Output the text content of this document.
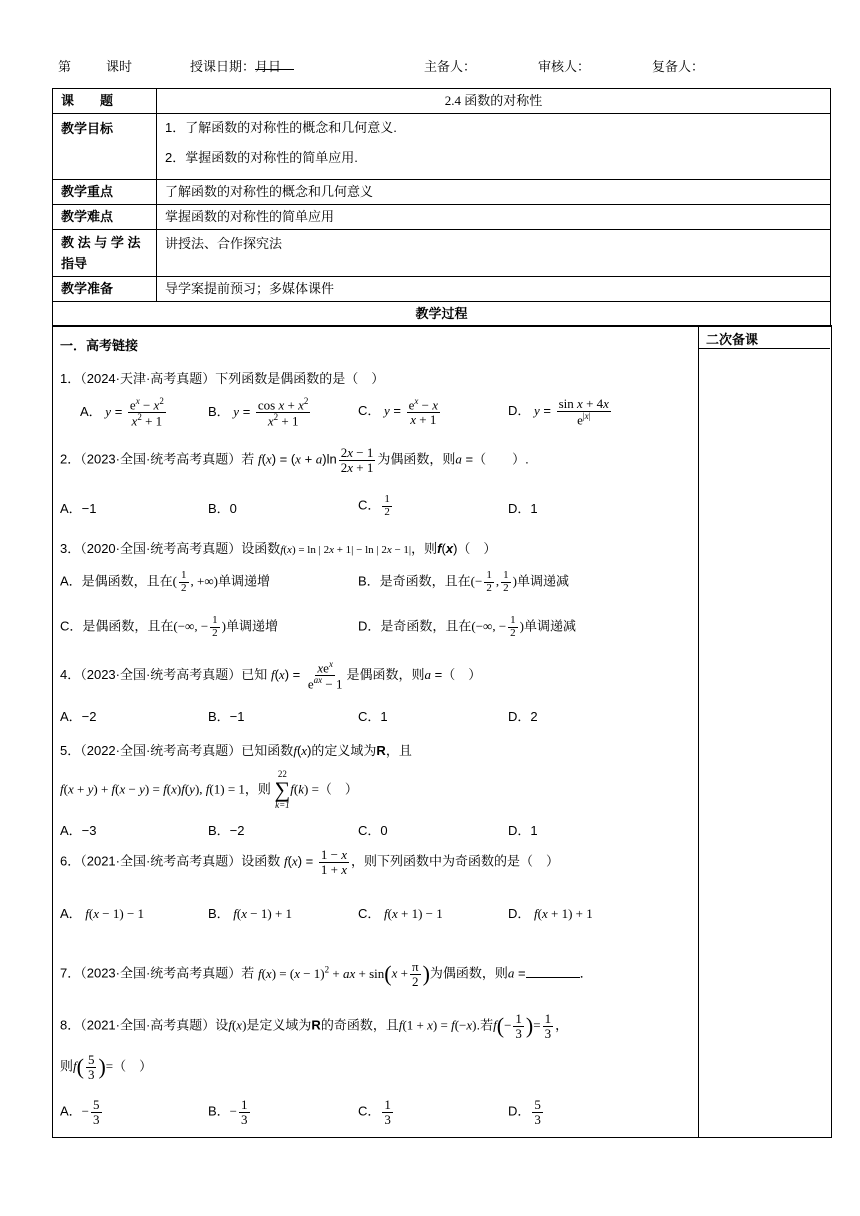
第	课时	授课日期：
月
日	主备人：	审核人：	复备人：
课　　题	2.4 函数的对称性
教学目标	1．了解函数的对称性的概念和几何意义.
2．掌握函数的对称性的简单应用.

教学重点	了解函数的对称性的概念和几何意义
教学难点	掌握函数的对称性的简单应用

教 法 与 学 法
指导	讲授法、合作探究法
教学准备	导学案提前预习；多媒体课件
教学过程	
二次备课
一．高考链接
1．（2024·天津·高考真题）下列函数是偶函数的是（　）
A． $y = \frac{e^x - x^2}{x^2 + 1}$	B． $y = \frac{\cos x + x^2}{x^2 + 1}$	C． $y = \frac{e^x - x}{x + 1}$	D． $y = \frac{\text{sin x + 4x}}{e^{|x|}}$
2．（2023·全国·统考高考真题）若 $f(x) = (x + a)\ln \frac{2x - 1}{2x + 1}$ 为偶函数，则a =（　　）.
A．−1	B．0	C． $\frac{1}{2}$	D．1
3．（2020·全国·统考高考真题）设函数f(x) = ln | 2x + 1| − ln | 2x − 1|，则f(x)（　）
A．是偶函数，且在( $\frac{1}{2}$ , +∞)单调递增	B．是奇函数，且在(− $\frac{1}{2}$ , $\frac{1}{2}$ )单调递减
C．是偶函数，且在(−∞, − $\frac{1}{2}$ )单调递增	D．是奇函数，且在(−∞, − $\frac{1}{2}$ )单调递减
4．（2023·全国·统考高考真题）已知 $f(x) = \frac{xe^x}{e^{ax} - 1}$ 是偶函数，则a =（　）
A．−2	B．−1	C．1	D．2
5．（2022·全国·统考高考真题）已知函数f(x)的定义域为R，且
f(x + y) + f(x − y) = f(x)f(y), f(1) = 1，则
22
∑
k=1
f(k) =（　）
A．−3	B．−2	C．0	D．1
6．（2021·全国·统考高考真题）设函数 $f(x) = \frac{1 - x}{1 + x}$ ，则下列函数中为奇函数的是（　）
A． f(x − 1) − 1	B． f(x − 1) + 1	C． f(x + 1) − 1	D． f(x + 1) + 1
7．（2023·全国·统考高考真题）若 $f(x) = (x - 1)^2$ + ax + $\sin(x + \frac{\pi}{2}$ )为偶函数，则a =	．
8．（2021·全国·高考真题）设f(x)是定义域为R的奇函数，且f(1 + x) = f(−x).若$f(- \frac{1}{3}$ )= $\frac{1}{3}$ ，
则$f( \frac{5}{3}$ )=（　）
A．− $\frac{5}{3}$	B．− $\frac{1}{3}$	C． $\frac{1}{3}$	D． $\frac{5}{3}$
